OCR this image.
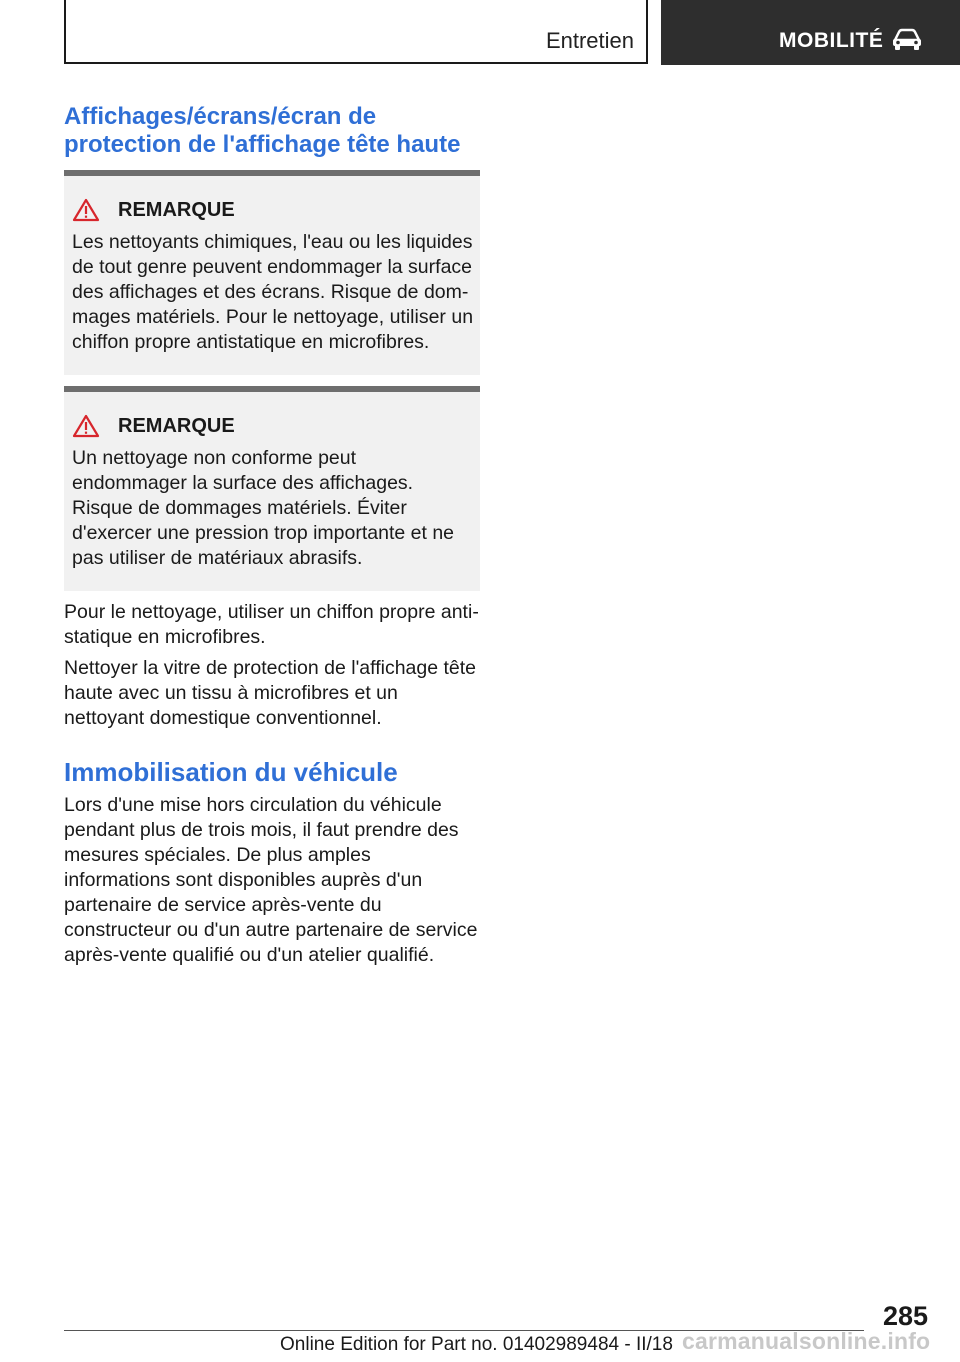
Entretien	MOBILITÉ
Affichages/écrans/écran de protection de l'affichage tête haute
REMARQUE
Les nettoyants chimiques, l'eau ou les liquides de tout genre peuvent endommager la surface des affichages et des écrans. Risque de dommages matériels. Pour le nettoyage, utiliser un chiffon propre antistatique en microfibres.
REMARQUE
Un nettoyage non conforme peut endommager la surface des affichages. Risque de dommages matériels. Éviter d'exercer une pression trop importante et ne pas utiliser de matériaux abrasifs.
Pour le nettoyage, utiliser un chiffon propre antistatique en microfibres.
Nettoyer la vitre de protection de l'affichage tête haute avec un tissu à microfibres et un nettoyant domestique conventionnel.
Immobilisation du véhicule
Lors d'une mise hors circulation du véhicule pendant plus de trois mois, il faut prendre des mesures spéciales. De plus amples informations sont disponibles auprès d'un partenaire de service après-vente du constructeur ou d'un autre partenaire de service après-vente qualifié ou d'un atelier qualifié.
285
Online Edition for Part no. 01402989484 - II/18 carmanualsonline.info
